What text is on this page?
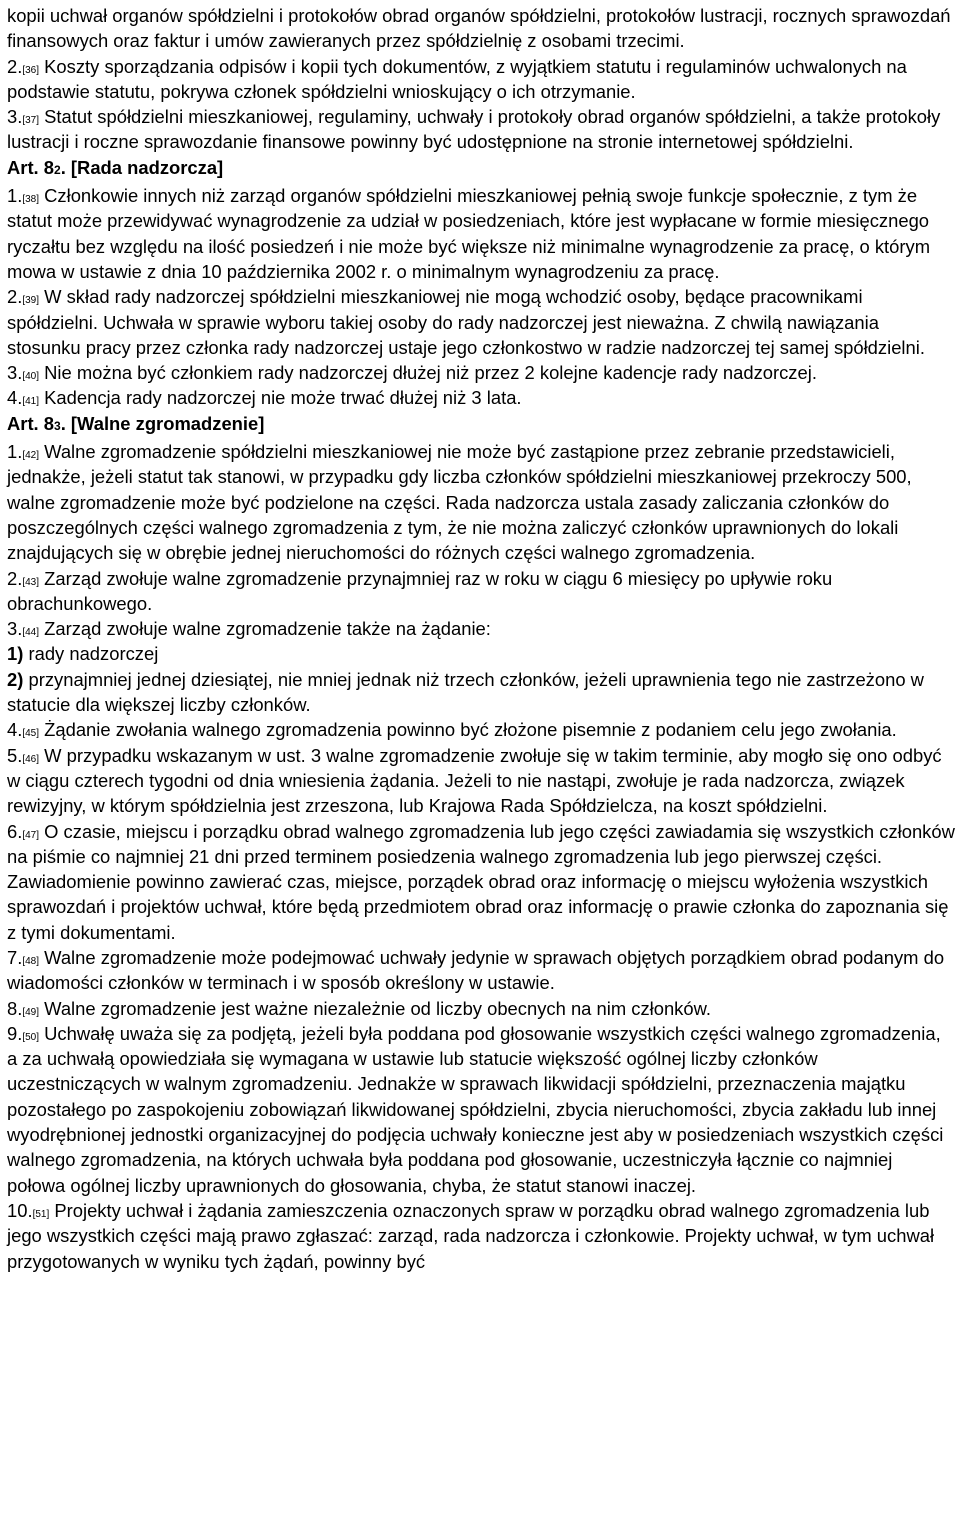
kopii uchwał organów spółdzielni i protokołów obrad organów spółdzielni, protokołów lustracji, rocznych sprawozdań finansowych oraz faktur i umów zawieranych przez spółdzielnię z osobami trzecimi.

2.[36] Koszty sporządzania odpisów i kopii tych dokumentów, z wyjątkiem statutu i regulaminów uchwalonych na podstawie statutu, pokrywa członek spółdzielni wnioskujący o ich otrzymanie.

3.[37] Statut spółdzielni mieszkaniowej, regulaminy, uchwały i protokoły obrad organów spółdzielni, a także protokoły lustracji i roczne sprawozdanie finansowe powinny być udostępnione na stronie internetowej spółdzielni.

Art. 82. [Rada nadzorcza]

1.[38] Członkowie innych niż zarząd organów spółdzielni mieszkaniowej pełnią swoje funkcje społecznie, z tym że statut może przewidywać wynagrodzenie za udział w posiedzeniach, które jest wypłacane w formie miesięcznego ryczałtu bez względu na ilość posiedzeń i nie może być większe niż minimalne wynagrodzenie za pracę, o którym mowa w ustawie z dnia 10 października 2002 r. o minimalnym wynagrodzeniu za pracę.

2.[39] W skład rady nadzorczej spółdzielni mieszkaniowej nie mogą wchodzić osoby, będące pracownikami spółdzielni. Uchwała w sprawie wyboru takiej osoby do rady nadzorczej jest nieważna. Z chwilą nawiązania stosunku pracy przez członka rady nadzorczej ustaje jego członkostwo w radzie nadzorczej tej samej spółdzielni.

3.[40] Nie można być członkiem rady nadzorczej dłużej niż przez 2 kolejne kadencje rady nadzorczej.

4.[41] Kadencja rady nadzorczej nie może trwać dłużej niż 3 lata.

Art. 83. [Walne zgromadzenie]

1.[42] Walne zgromadzenie spółdzielni mieszkaniowej nie może być zastąpione przez zebranie przedstawicieli, jednakże, jeżeli statut tak stanowi, w przypadku gdy liczba członków spółdzielni mieszkaniowej przekroczy 500, walne zgromadzenie może być podzielone na części. Rada nadzorcza ustala zasady zaliczania członków do poszczególnych części walnego zgromadzenia z tym, że nie można zaliczyć członków uprawnionych do lokali znajdujących się w obrębie jednej nieruchomości do różnych części walnego zgromadzenia.

2.[43] Zarząd zwołuje walne zgromadzenie przynajmniej raz w roku w ciągu 6 miesięcy po upływie roku obrachunkowego.

3.[44] Zarząd zwołuje walne zgromadzenie także na żądanie:

1) rady nadzorczej

2) przynajmniej jednej dziesiątej, nie mniej jednak niż trzech członków, jeżeli uprawnienia tego nie zastrzeżono w statucie dla większej liczby członków.

4.[45] Żądanie zwołania walnego zgromadzenia powinno być złożone pisemnie z podaniem celu jego zwołania.

5.[46] W przypadku wskazanym w ust. 3 walne zgromadzenie zwołuje się w takim terminie, aby mogło się ono odbyć w ciągu czterech tygodni od dnia wniesienia żądania. Jeżeli to nie nastąpi, zwołuje je rada nadzorcza, związek rewizyjny, w którym spółdzielnia jest zrzeszona, lub Krajowa Rada Spółdzielcza, na koszt spółdzielni.

6.[47] O czasie, miejscu i porządku obrad walnego zgromadzenia lub jego części zawiadamia się wszystkich członków na piśmie co najmniej 21 dni przed terminem posiedzenia walnego zgromadzenia lub jego pierwszej części. Zawiadomienie powinno zawierać czas, miejsce, porządek obrad oraz informację o miejscu wyłożenia wszystkich sprawozdań i projektów uchwał, które będą przedmiotem obrad oraz informację o prawie członka do zapoznania się z tymi dokumentami.

7.[48] Walne zgromadzenie może podejmować uchwały jedynie w sprawach objętych porządkiem obrad podanym do wiadomości członków w terminach i w sposób określony w ustawie.

8.[49] Walne zgromadzenie jest ważne niezależnie od liczby obecnych na nim członków.

9.[50] Uchwałę uważa się za podjętą, jeżeli była poddana pod głosowanie wszystkich części walnego zgromadzenia, a za uchwałą opowiedziała się wymagana w ustawie lub statucie większość ogólnej liczby członków uczestniczących w walnym zgromadzeniu. Jednakże w sprawach likwidacji spółdzielni, przeznaczenia majątku pozostałego po zaspokojeniu zobowiązań likwidowanej spółdzielni, zbycia nieruchomości, zbycia zakładu lub innej wyodrębnionej jednostki organizacyjnej do podjęcia uchwały konieczne jest aby w posiedzeniach wszystkich części walnego zgromadzenia, na których uchwała była poddana pod głosowanie, uczestniczyła łącznie co najmniej połowa ogólnej liczby uprawnionych do głosowania, chyba, że statut stanowi inaczej.

10.[51] Projekty uchwał i żądania zamieszczenia oznaczonych spraw w porządku obrad walnego zgromadzenia lub jego wszystkich części mają prawo zgłaszać: zarząd, rada nadzorcza i członkowie. Projekty uchwał, w tym uchwał przygotowanych w wyniku tych żądań, powinny być
